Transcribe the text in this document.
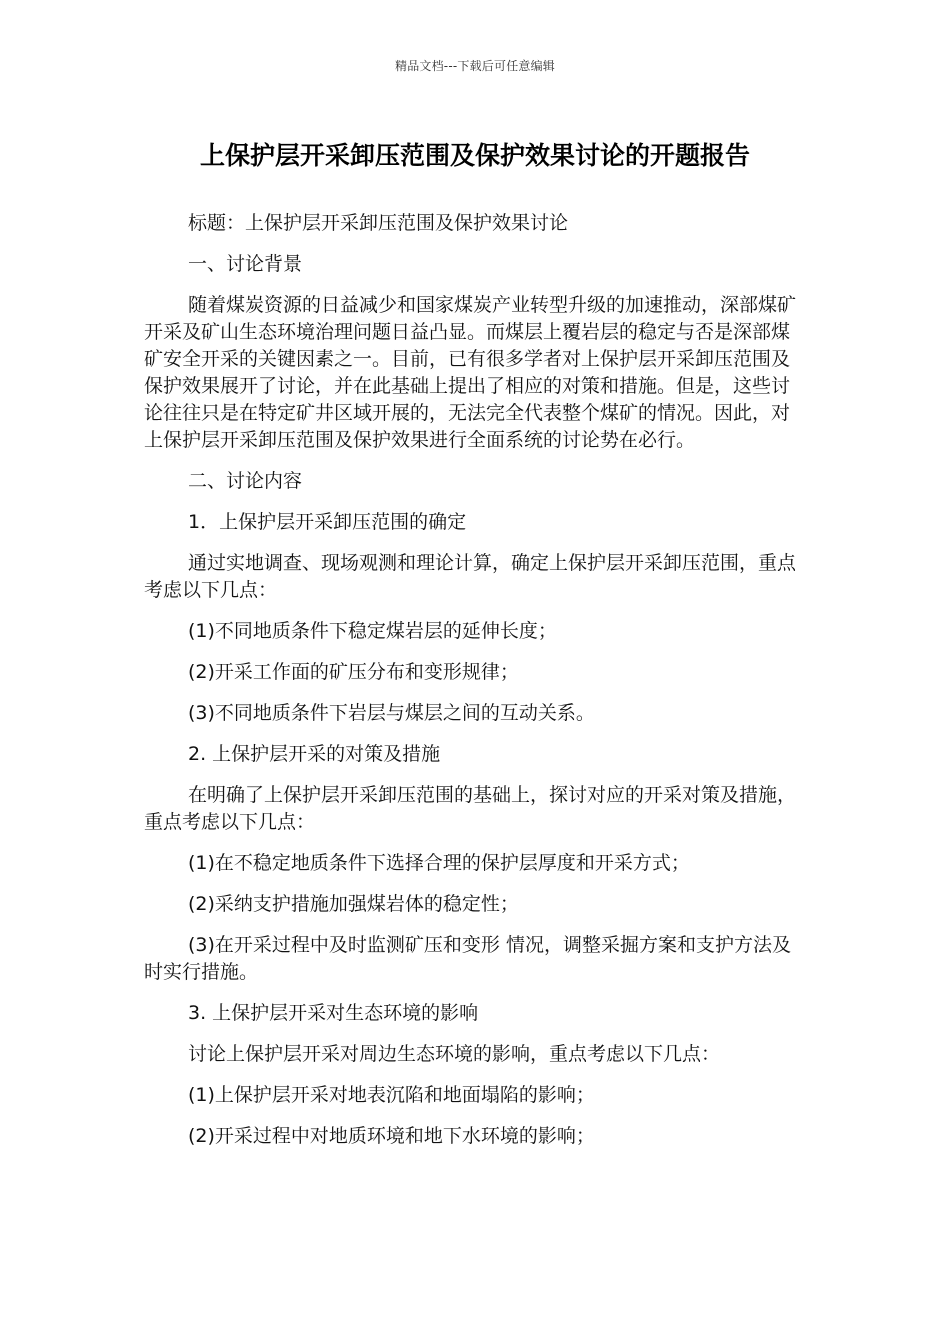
精品文档---下载后可任意编辑
上保护层开采卸压范围及保护效果讨论的开题报告

标题：上保护层开采卸压范围及保护效果讨论

一、讨论背景

随着煤炭资源的日益减少和国家煤炭产业转型升级的加速推动，深部煤矿开采及矿山生态环境治理问题日益凸显。而煤层上覆岩层的稳定与否是深部煤矿安全开采的关键因素之一。目前，已有很多学者对上保护层开采卸压范围及保护效果展开了讨论，并在此基础上提出了相应的对策和措施。但是，这些讨论往往只是在特定矿井区域开展的，无法完全代表整个煤矿的情况。因此，对上保护层开采卸压范围及保护效果进行全面系统的讨论势在必行。

二、讨论内容

1．上保护层开采卸压范围的确定

通过实地调查、现场观测和理论计算，确定上保护层开采卸压范围，重点考虑以下几点：

(1)不同地质条件下稳定煤岩层的延伸长度；

(2)开采工作面的矿压分布和变形规律；

(3)不同地质条件下岩层与煤层之间的互动关系。

2. 上保护层开采的对策及措施

在明确了上保护层开采卸压范围的基础上，探讨对应的开采对策及措施，重点考虑以下几点：

(1)在不稳定地质条件下选择合理的保护层厚度和开采方式；

(2)采纳支护措施加强煤岩体的稳定性；

(3)在开采过程中及时监测矿压和变形 情况，调整采掘方案和支护方法及时实行措施。

3. 上保护层开采对生态环境的影响

讨论上保护层开采对周边生态环境的影响，重点考虑以下几点：

(1)上保护层开采对地表沉陷和地面塌陷的影响；

(2)开采过程中对地质环境和地下水环境的影响；
